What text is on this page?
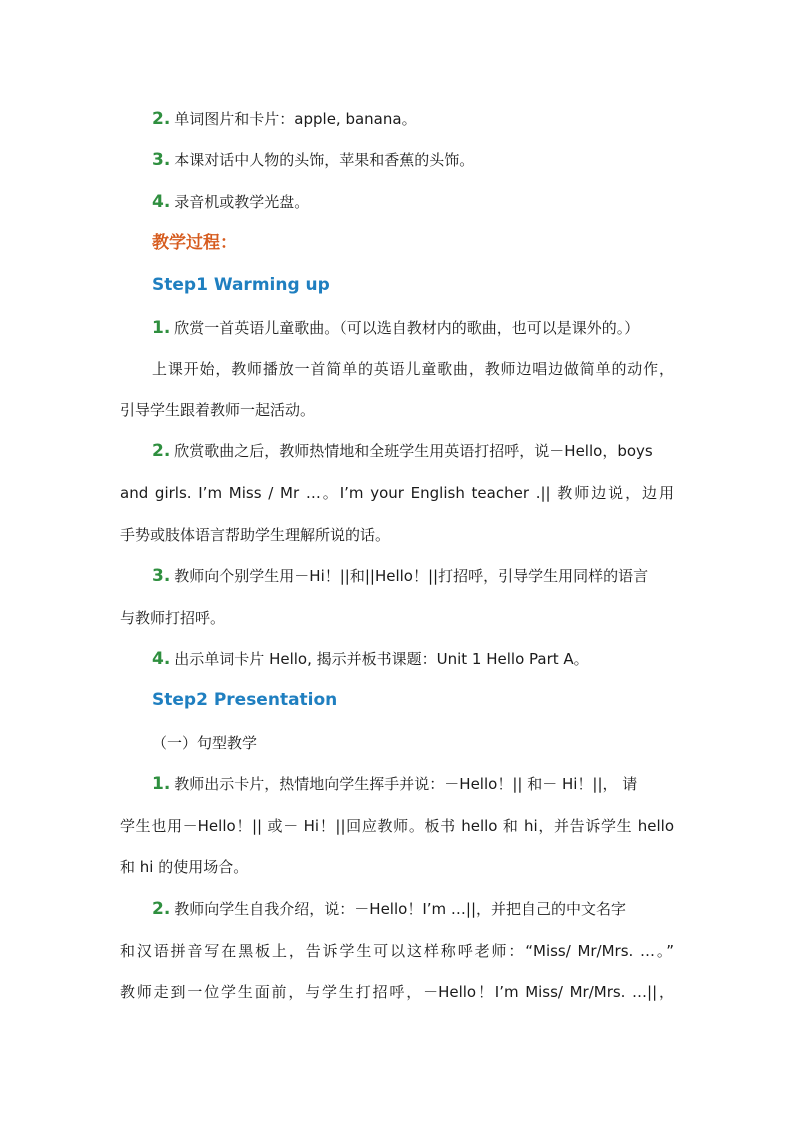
2. 单词图片和卡片：apple, banana。
3. 本课对话中人物的头饰，苹果和香蕉的头饰。
4. 录音机或教学光盘。
教学过程：
Step1 Warming up
1. 欣赏一首英语儿童歌曲。（可以选自教材内的歌曲，也可以是课外的。）
上课开始，教师播放一首简单的英语儿童歌曲，教师边唱边做简单的动作，
引导学生跟着教师一起活动。
2. 欣赏歌曲之后，教师热情地和全班学生用英语打招呼，说－Hello，boys
and girls. I’m Miss / Mr …。I’m your English teacher .|| 教师边说，边用
手势或肢体语言帮助学生理解所说的话。
3. 教师向个别学生用－Hi！||和||Hello！||打招呼，引导学生用同样的语言
与教师打招呼。
4. 出示单词卡片 Hello, 揭示并板书课题：Unit 1 Hello Part A。
Step2 Presentation
（一）句型教学
1. 教师出示卡片，热情地向学生挥手并说：－Hello！|| 和－ Hi！||， 请
学生也用－Hello！|| 或－ Hi！||回应教师。板书 hello 和 hi，并告诉学生 hello
和 hi 的使用场合。
2. 教师向学生自我介绍，说：－Hello！I’m …||，并把自己的中文名字
和汉语拼音写在黑板上，告诉学生可以这样称呼老师：“Miss/ Mr/Mrs. …。”
教师走到一位学生面前，与学生打招呼，－Hello！I’m Miss/ Mr/Mrs. …||，
